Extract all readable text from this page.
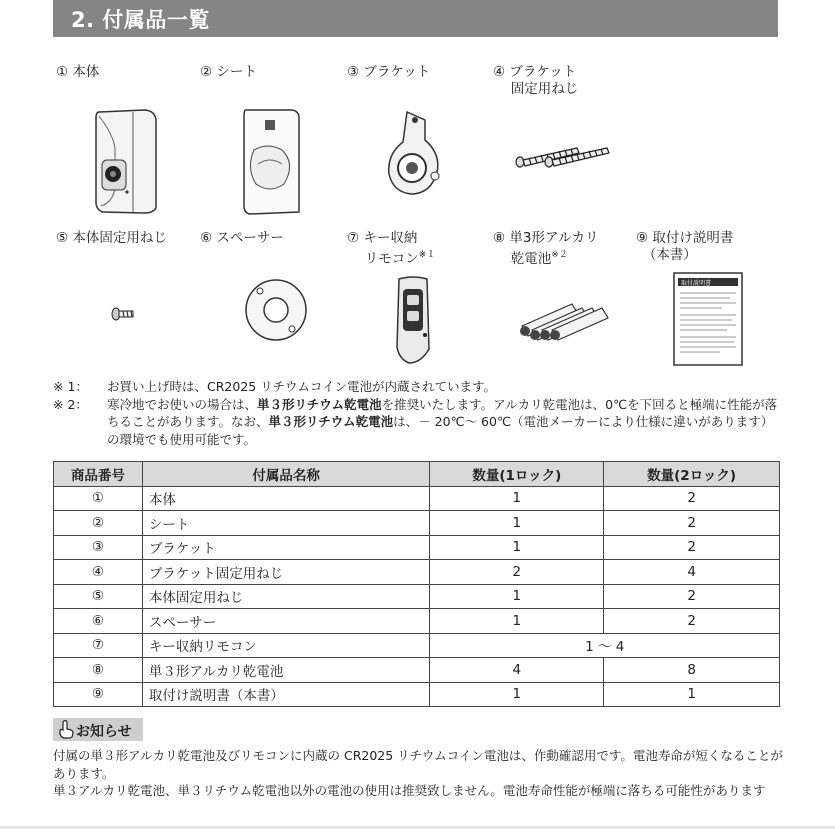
2. 付属品一覧
① 本体	② シート	③ ブラケット	④ ブラケット
　 固定用ねじ
⑤ 本体固定用ねじ	⑥ スペーサー	⑦ キー収納
　 リモコン$^{※1}$
⑧ 単3形アルカリ
　 乾電池$^{※2}$
⑨ 取付け説明書
　（本書）
取付説明書
※ 1：	お買い上げ時は、CR2025 リチウムコイン電池が内蔵されています。
※ 2：	寒冷地でお使いの場合は、単３形リチウム乾電池を推奨いたします。アルカリ乾電池は、0℃を下回ると極端に性能が落ちることがあります。なお、単３形リチウム乾電池は、－ 20℃～ 60℃（電池メーカーにより仕様に違いがあります）の環境でも使用可能です。
商品番号	付属品名称	数量(1ロック)	数量(2ロック)
①	本体	1	2
②	シート	1	2
③	ブラケット	1	2
④	ブラケット固定用ねじ	2	4
⑤	本体固定用ねじ	1	2
⑥	スペーサー	1	2
⑦	キー収納リモコン	1 〜 4	
⑧	単３形アルカリ乾電池	4	8
⑨	取付け説明書（本書）	1	1
お知らせ
付属の単３形アルカリ乾電池及びリモコンに内蔵の CR2025 リチウムコイン電池は、作動確認用です。電池寿命が短くなることがあります。
単３アルカリ乾電池、単３リチウム乾電池以外の電池の使用は推奨致しません。電池寿命性能が極端に落ちる可能性があります
